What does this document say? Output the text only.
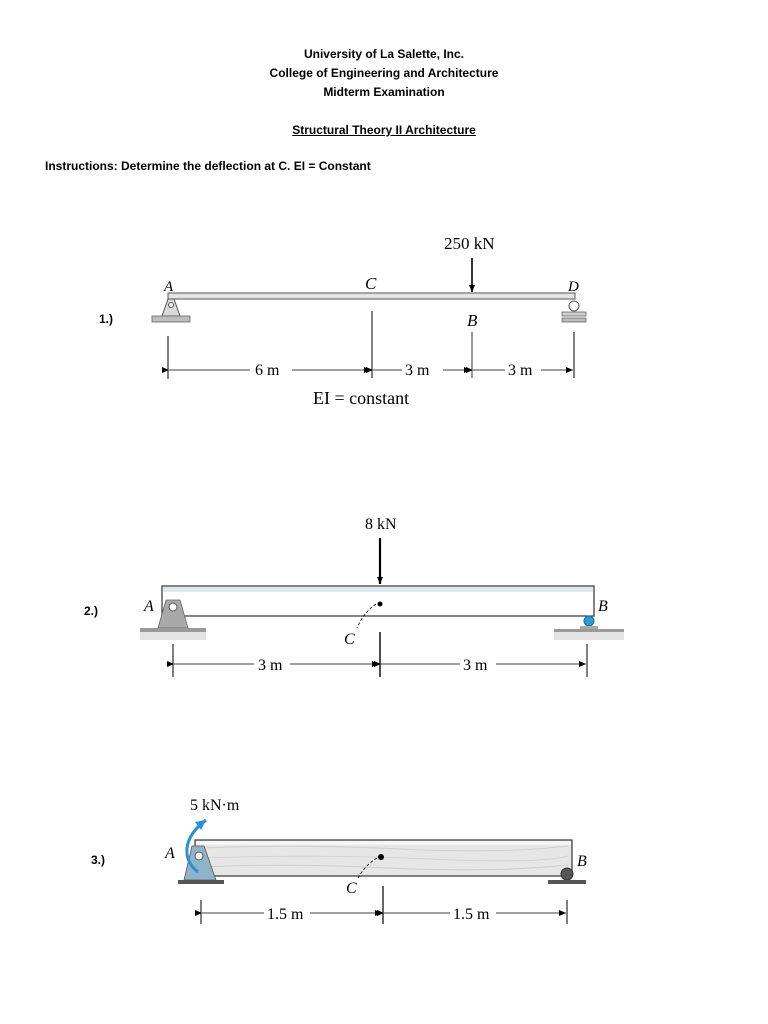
University of La Salette, Inc.
College of Engineering and Architecture
Midterm Examination
Structural Theory II Architecture
Instructions: Determine the deflection at C. EI = Constant
1.)
2.)
3.)
A	C
B
D
250 kN
6 m	3 m	3 m
EI = constant
8 kN
C
A	B
3 m	3 m
C
A
5 kN·m
B
1.5 m	1.5 m
